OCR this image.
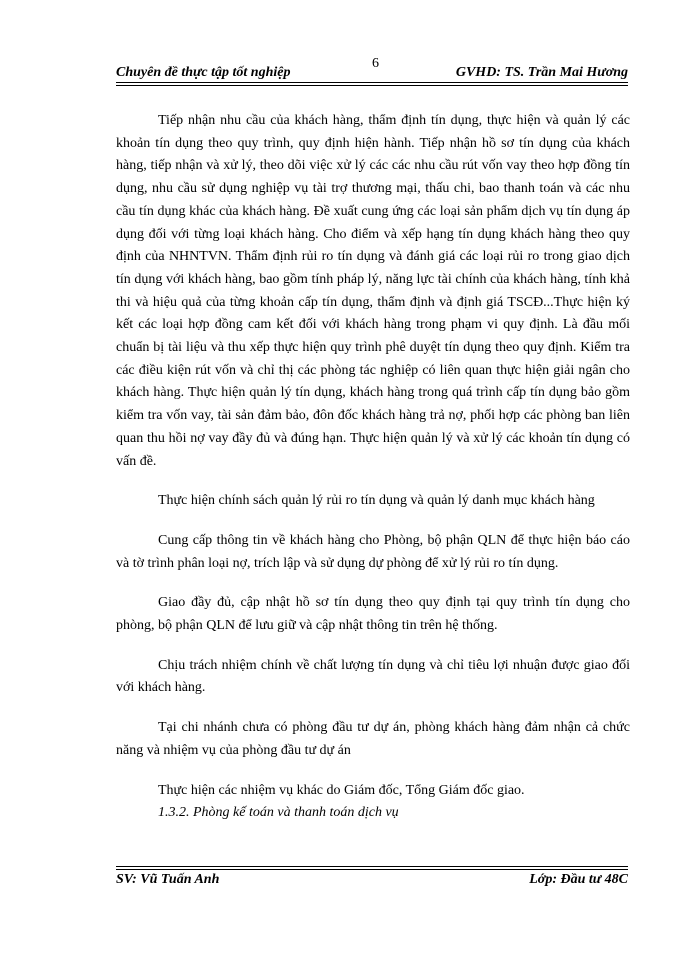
Chuyên đề thực tập tốt nghiệp
6
GVHD: TS. Trần Mai Hương

Tiếp nhận nhu cầu của khách hàng, thẩm định tín dụng, thực hiện và quản lý các khoản tín dụng theo quy trình, quy định hiện hành. Tiếp nhận hồ sơ tín dụng của khách hàng, tiếp nhận và xử lý, theo dõi việc xử lý các các nhu cầu rút vốn vay theo hợp đồng tín dụng, nhu cầu sử dụng nghiệp vụ tài trợ thương mại, thấu chi, bao thanh toán và các nhu cầu tín dụng khác của khách hàng. Đề xuất cung ứng các loại sản phẩm dịch vụ tín dụng áp dụng đối với từng loại khách hàng. Cho điểm và xếp hạng tín dụng khách hàng theo quy định của NHNTVN. Thẩm định rủi ro tín dụng và đánh giá các loại rủi ro trong giao dịch tín dụng với khách hàng, bao gồm tính pháp lý, năng lực tài chính của khách hàng, tính khả thi và hiệu quả của từng khoản cấp tín dụng, thẩm định và định giá TSCĐ...Thực hiện ký kết các loại hợp đồng cam kết đối với khách hàng trong phạm vi quy định. Là đầu mối chuẩn bị tài liệu và thu xếp thực hiện quy trình phê duyệt tín dụng theo quy định. Kiểm tra các điều kiện rút vốn và chỉ thị các phòng tác nghiệp có liên quan thực hiện giải ngân cho khách hàng. Thực hiện quản lý tín dụng, khách hàng trong quá trình cấp tín dụng bảo gồm kiểm tra vốn vay, tài sản đảm bảo, đôn đốc khách hàng trả nợ, phối hợp các phòng ban liên quan thu hồi nợ vay đầy đủ và đúng hạn. Thực hiện quản lý và xử lý các khoản tín dụng có vấn đề.

Thực hiện chính sách quản lý rủi ro tín dụng và quản lý danh mục khách hàng

Cung cấp thông tin về khách hàng cho Phòng, bộ phận QLN để thực hiện báo cáo và tờ trình phân loại nợ, trích lập và sử dụng dự phòng để xử lý rủi ro tín dụng.

Giao đầy đủ, cập nhật hồ sơ tín dụng theo quy định tại quy trình tín dụng cho phòng, bộ phận QLN để lưu giữ và cập nhật thông tin trên hệ thống.

Chịu trách nhiệm chính về chất lượng tín dụng và chỉ tiêu lợi nhuận được giao đối với khách hàng.

Tại chi nhánh chưa có phòng đầu tư dự án, phòng khách hàng đảm nhận cả chức năng và nhiệm vụ của phòng đầu tư dự án

Thực hiện các nhiệm vụ khác do Giám đốc, Tổng Giám đốc giao.

1.3.2. Phòng kế toán và thanh toán dịch vụ

SV: Vũ Tuấn Anh	Lớp: Đầu tư 48C
